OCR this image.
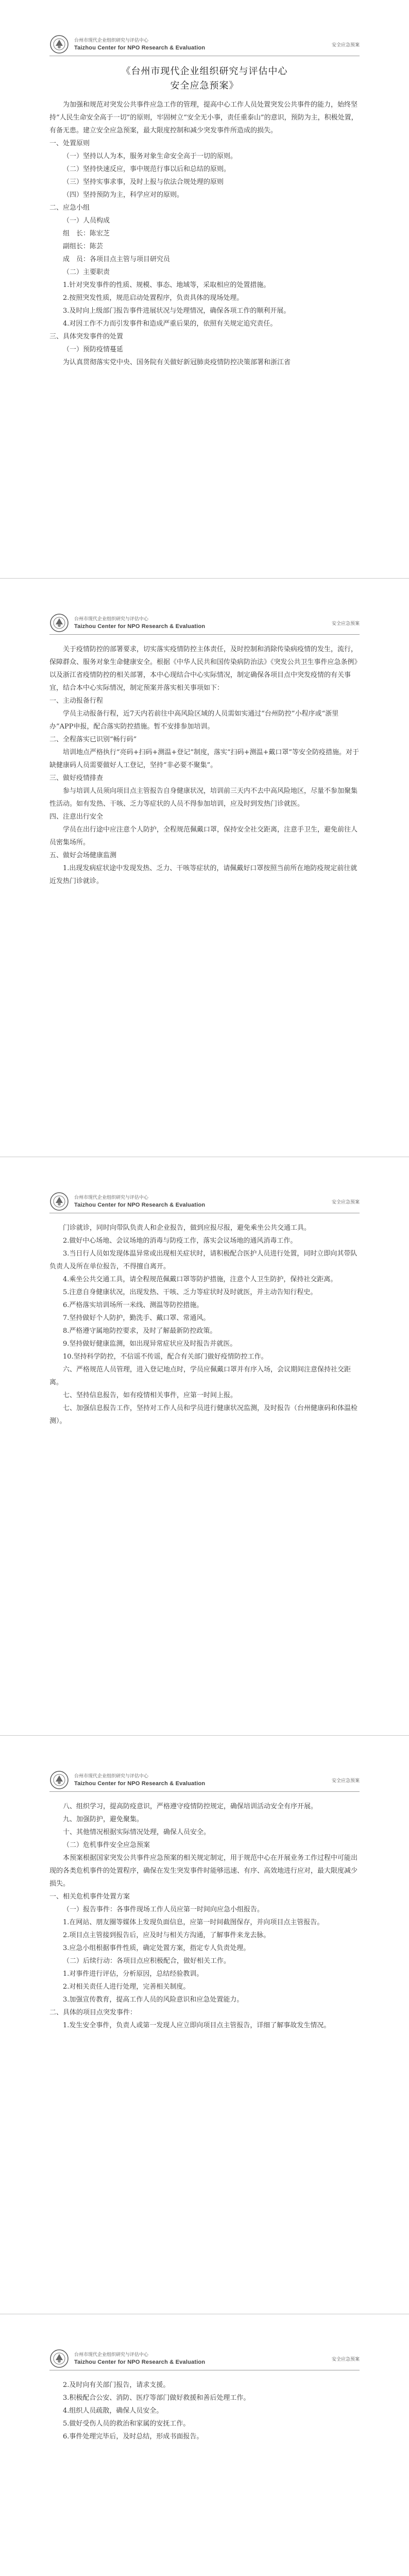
台州市现代企业组织研究与评估中心
Taizhou Center for NPO Research & Evaluation	安全应急预案
《台州市现代企业组织研究与评估中心
安全应急预案》
为加强和规范对突发公共事件应急工作的管理，提高中心工作人员处置突发公共事件的能力，始终坚持“人民生命安全高于一切”的原则，牢固树立“安全无小事，责任重泰山”的意识，预防为主，积极处置，有备无患。建立安全应急预案，最大限度控制和减少突发事件所造成的损失。
一、处置原则
（一）坚持以人为本，服务对象生命安全高于一切的原则。
（二）坚持快速反应，事中规范行事以后和总结的原则。
（三）坚持实事求事，及时上报与依法合规处理的原则
（四）坚持预防为主，科学应对的原则。
二、应急小组
（一）人员构成
组　长：陈宏芝
副组长：陈芸
成　员：各项目点主管与项目研究员
（二）主要职责
1.针对突发事件的性质、规模、事态、地域等，采取相应的处置措施。
2.按照突发性质，规范启动处置程序，负责具体的现场处理。
3.及时向上级部门报告事件进展状况与处理情况，确保各项工作的顺利开展。
4.对因工作不力而引发事件和造成严重后果的，依照有关规定追究责任。
三、具体突发事件的处置
（一）预防疫情蔓延
为认真贯彻落实党中央、国务院有关做好新冠肺炎疫情防控决策部署和浙江省
台州市现代企业组织研究与评估中心
Taizhou Center for NPO Research & Evaluation	安全应急预案
关于疫情防控的部署要求，切实落实疫情防控主体责任，及时控制和消除传染病疫情的发生，流行，保障群众、服务对象生命健康安全。根据《中华人民共和国传染病防治法》《突发公共卫生事件应急条例》以及浙江省疫情防控的相关部署，本中心现结合中心实际情况，制定确保各项目点中突发疫情的有关事宜，结合本中心实际情况，制定预案并落实相关事项如下：
一、主动报备行程
学员主动报备行程，近7天内若前往中高风险区域的人员需如实通过“台州防控”小程序或“浙里办”APP申报，配合落实防控措施。暂不安排参加培训。
二、全程落实已识别“畅行码”
培训地点严格执行“亮码+扫码+测温+登记”制度，落实“扫码+测温+戴口罩”等安全防疫措施。对于缺健康码人员需要做好人工登记，坚持“非必要不聚集”。
三、做好疫情排查
参与培训人员须向项目点主管报告自身健康状况，培训前三天内不去中高风险地区，尽量不参加聚集性活动。如有发热、干咳、乏力等症状的人员不得参加培训，应及时到发热门诊就医。
四、注意出行安全
学员在出行途中应注意个人防护，全程规范佩戴口罩，保持安全社交距离，注意手卫生，避免前往人员密集场所。
五、做好会场健康监测
1.出现发病症状途中发现发热、乏力、干咳等症状的，请佩戴好口罩按照当前所在地防疫规定前往就近发热门诊就诊。
台州市现代企业组织研究与评估中心
Taizhou Center for NPO Research & Evaluation	安全应急预案
门诊就诊，同时向带队负责人和企业报告，做到应报尽报，避免乘坐公共交通工具。
2.做好中心场地、会议场地的消毒与防疫工作，落实会议场地的通风消毒工作。
3.当日行人员如发现体温异常或出现相关症状时，请积极配合医护人员进行处置，同时立即向其带队负责人及所在单位报告，不得擅自离开。
4.乘坐公共交通工具，请全程规范佩戴口罩等防护措施，注意个人卫生防护，保持社交距离。
5.注意自身健康状况，出现发热、干咳、乏力等症状时及时就医，并主动告知行程史。
6.严格落实培训场所一米线、测温等防控措施。
7.坚持做好个人防护，勤洗手、戴口罩、常通风。
8.严格遵守属地防控要求，及时了解最新防控政策。
9.坚持做好健康监测，如出现异常症状应及时报告并就医。
10.坚持科学防控，不信谣不传谣，配合有关部门做好疫情防控工作。
六、严格规范人员管理，进入登记地点时，学员应佩戴口罩并有序入场，会议期间注意保持社交距离。
七、坚持信息报告，如有疫情相关事件，应第一时间上报。
七、加强信息报告工作，坚持对工作人员和学员进行健康状况监测，及时报告（台州健康码和体温检测）。
台州市现代企业组织研究与评估中心
Taizhou Center for NPO Research & Evaluation	安全应急预案
八、组织学习，提高防疫意识，严格遵守疫情防控规定，确保培训活动安全有序开展。
九、加强防护，避免聚集。
十、其他情况根据实际情况处理，确保人员安全。
（二）危机事件安全应急预案
本预案根据国家突发公共事件应急预案的相关规定制定，用于规范中心在开展业务工作过程中可能出现的各类危机事件的处置程序，确保在发生突发事件时能够迅速、有序、高效地进行应对，最大限度减少损失。
一、相关危机事件处置方案
（一）报告事件：各事件现场工作人员应第一时间向应急小组报告。
1.在网站、朋友圈等媒体上发现负面信息，应第一时间截图保存，并向项目点主管报告。
2.项目点主管接到报告后，应及时与相关方沟通，了解事件来龙去脉。
3.应急小组根据事件性质，确定处置方案，指定专人负责处理。
（二）后续行动：各项目点应积极配合，做好相关工作。
1.对事件进行评估，分析原因，总结经验教训。
2.对相关责任人进行处理，完善相关制度。
3.加强宣传教育，提高工作人员的风险意识和应急处置能力。
二、具体的项目点突发事件：
1.发生安全事件，负责人或第一发现人应立即向项目点主管报告，详细了解事故发生情况。
台州市现代企业组织研究与评估中心
Taizhou Center for NPO Research & Evaluation	安全应急预案
2.及时向有关部门报告，请求支援。
3.积极配合公安、消防、医疗等部门做好救援和善后处理工作。
4.组织人员疏散，确保人员安全。
5.做好受伤人员的救治和家属的安抚工作。
6.事件处理完毕后，及时总结，形成书面报告。
